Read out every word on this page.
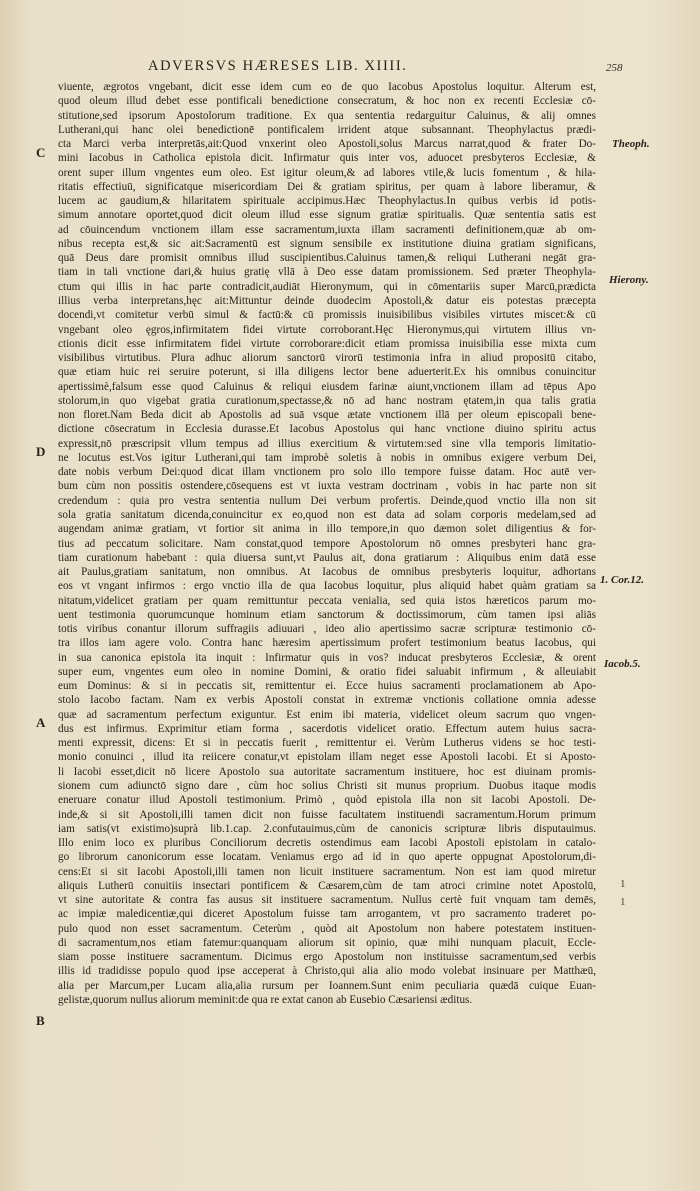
ADVERSVS HÆRESES LIB. XIIII.	258
viuente, ægrotos vngebant, dicit esse idem cum eo de quo Iacobus Apostolus loquitur. Alterum est,
quod oleum illud debet esse pontificali benedictione consecratum, & hoc non ex recenti Ecclesiæ cō-
stitutione,sed ipsorum Apostolorum traditione. Ex qua sententia redarguitur Caluinus, & alij omnes
Lutherani,qui hanc olei benedictionē pontificalem irrident atque subsannant. Theophylactus prædi-
cta Marci verba interpretās,ait:Quod vnxerint oleo Apostoli,solus Marcus narrat,quod & frater Do-
mini Iacobus in Catholica epistola dicit. Infirmatur quis inter vos, aduocet presbyteros Ecclesiæ, &
orent super illum vngentes eum oleo. Est igitur oleum,& ad labores vtile,& lucis fomentum , & hila-
ritatis effectiuū, significatque misericordiam Dei & gratiam spiritus, per quam à labore liberamur, &
lucem ac gaudium,& hilaritatem spirituale accipimus.Hæc Theophylactus.In quibus verbis id potis-
simum annotare oportet,quod dicit oleum illud esse signum gratiæ spiritualis. Quæ sententia satis est
ad cōuincendum vnctionem illam esse sacramentum,iuxta illam sacramenti definitionem,quæ ab om-
nibus recepta est,& sic ait:Sacramentū est signum sensibile ex institutione diuina gratiam significans,
quā Deus dare promisit omnibus illud suscipientibus.Caluinus tamen,& reliqui Lutherani negāt gra-
tiam in tali vnctione dari,& huius gratię vllā à Deo esse datam promissionem. Sed præter Theophyla-
ctum qui illis in hac parte contradicit,audiāt Hieronymum, qui in cōmentariis super Marcū,prædicta
illius verba interpretans,hęc ait:Mittuntur deinde duodecim Apostoli,& datur eis potestas præcepta
docendi,vt comitetur verbū simul & factū:& cū promissis inuisibilibus visibiles virtutes miscet:& cū
vngebant oleo ęgros,infirmitatem fidei virtute corroborant.Hęc Hieronymus,qui virtutem illius vn-
ctionis dicit esse infirmitatem fidei virtute corroborare:dicit etiam promissa inuisibilia esse mixta cum
visibilibus virtutibus. Plura adhuc aliorum sanctorū virorū testimonia infra in aliud propositū citabo,
quæ etiam huic rei seruire poterunt, si illa diligens lector bene aduerterit.Ex his omnibus conuincitur
apertissimè,falsum esse quod Caluinus & reliqui eiusdem farinæ aiunt,vnctionem illam ad tēpus Apo
stolorum,in quo vigebat gratia curationum,spectasse,& nō ad hanc nostram ętatem,in qua talis gratia
non floret.Nam Beda dicit ab Apostolis ad suā vsque ætate vnctionem illā per oleum episcopali bene-
dictione cōsecratum in Ecclesia durasse.Et Iacobus Apostolus qui hanc vnctione diuino spiritu actus
expressit,nō præscripsit vllum tempus ad illius exercitium & virtutem:sed sine vlla temporis limitatio-
ne locutus est.Vos igitur Lutherani,qui tam improbè soletis à nobis in omnibus exigere verbum Dei,
date nobis verbum Dei:quod dicat illam vnctionem pro solo illo tempore fuisse datam. Hoc autē ver-
bum cùm non possitis ostendere,cōsequens est vt iuxta vestram doctrinam , vobis in hac parte non sit
credendum : quia pro vestra sententia nullum Dei verbum profertis. Deinde,quod vnctio illa non sit
sola gratia sanitatum dicenda,conuincitur ex eo,quod non est data ad solam corporis medelam,sed ad
augendam animæ gratiam, vt fortior sit anima in illo tempore,in quo dæmon solet diligentius & for-
tius ad peccatum solicitare. Nam constat,quod tempore Apostolorum nō omnes presbyteri hanc gra-
tiam curationum habebant : quia diuersa sunt,vt Paulus ait, dona gratiarum : Aliquibus enim datā esse
ait Paulus,gratiam sanitatum, non omnibus. At Iacobus de omnibus presbyteris loquitur, adhortans
eos vt vngant infirmos : ergo vnctio illa de qua Iacobus loquitur, plus aliquid habet quàm gratiam sa
nitatum,videlicet gratiam per quam remittuntur peccata venialia, sed quia istos hæreticos parum mo-
uent testimonia quorumcunque hominum etiam sanctorum & doctissimorum, cùm tamen ipsi aliās
totis viribus conantur illorum suffragiis adiuuari , ideo alio apertissimo sacræ scripturæ testimonio cō-
tra illos iam agere volo. Contra hanc hæresim apertissimum profert testimonium beatus Iacobus, qui
in sua canonica epistola ita inquit : Infirmatur quis in vos? inducat presbyteros Ecclesiæ, & orent
super eum, vngentes eum oleo in nomine Domini, & oratio fidei saluabit infirmum , & alleuiabit
eum Dominus: & si in peccatis sit, remittentur ei. Ecce huius sacramenti proclamationem ab Apo-
stolo Iacobo factam. Nam ex verbis Apostoli constat in extremæ vnctionis collatione omnia adesse
quæ ad sacramentum perfectum exiguntur. Est enim ibi materia, videlicet oleum sacrum quo vngen-
dus est infirmus. Exprimitur etiam forma , sacerdotis videlicet oratio. Effectum autem huius sacra-
menti expressit, dicens: Et si in peccatis fuerit , remittentur ei. Verùm Lutherus videns se hoc testi-
monio conuinci , illud ita reiicere conatur,vt epistolam illam neget esse Apostoli Iacobi. Et si Aposto-
li Iacobi esset,dicit nō licere Apostolo sua autoritate sacramentum instituere, hoc est diuinam promis-
sionem cum adiunctō signo dare , cùm hoc solius Christi sit munus proprium. Duobus itaque modis
eneruare conatur illud Apostoli testimonium. Primò , quòd epistola illa non sit Iacobi Apostoli. De-
inde,& si sit Apostoli,illi tamen dicit non fuisse facultatem instituendi sacramentum.Horum primum
iam satis(vt existimo)suprà lib.1.cap. 2.confutauimus,cùm de canonicis scripturæ libris disputauimus.
Illo enim loco ex pluribus Conciliorum decretis ostendimus eam Iacobi Apostoli epistolam in catalo-
go librorum canonicorum esse locatam. Veniamus ergo ad id in quo aperte oppugnat Apostolorum,di-
cens:Et si sit Iacobi Apostoli,illi tamen non licuit instituere sacramentum. Non est iam quod miretur
aliquis Lutherū conuitiis insectari pontificem & Cæsarem,cùm de tam atroci crimine notet Apostolū,
vt sine autoritate & contra fas ausus sit instituere sacramentum. Nullus certè fuit vnquam tam demēs,
ac impiæ maledicentiæ,qui diceret Apostolum fuisse tam arrogantem, vt pro sacramento traderet po-
pulo quod non esset sacramentum. Ceterùm , quòd ait Apostolum non habere potestatem instituen-
di sacramentum,nos etiam fatemur:quanquam aliorum sit opinio, quæ mihi nunquam placuit, Eccle-
siam posse instituere sacramentum. Dicimus ergo Apostolum non instituisse sacramentum,sed verbis
illis id tradidisse populo quod ipse acceperat à Christo,qui alia alio modo volebat insinuare per Matthæū,
alia per Marcum,per Lucam alia,alia rursum per Ioannem.Sunt enim peculiaria quædā cuique Euan-
gelistæ,quorum nullus aliorum meminit:de qua re extat canon ab Eusebio Cæsariensi æditus.
C
D
A
B
Theoph.
Hierony.
1. Cor.12.
Iacob.5.
1
1
